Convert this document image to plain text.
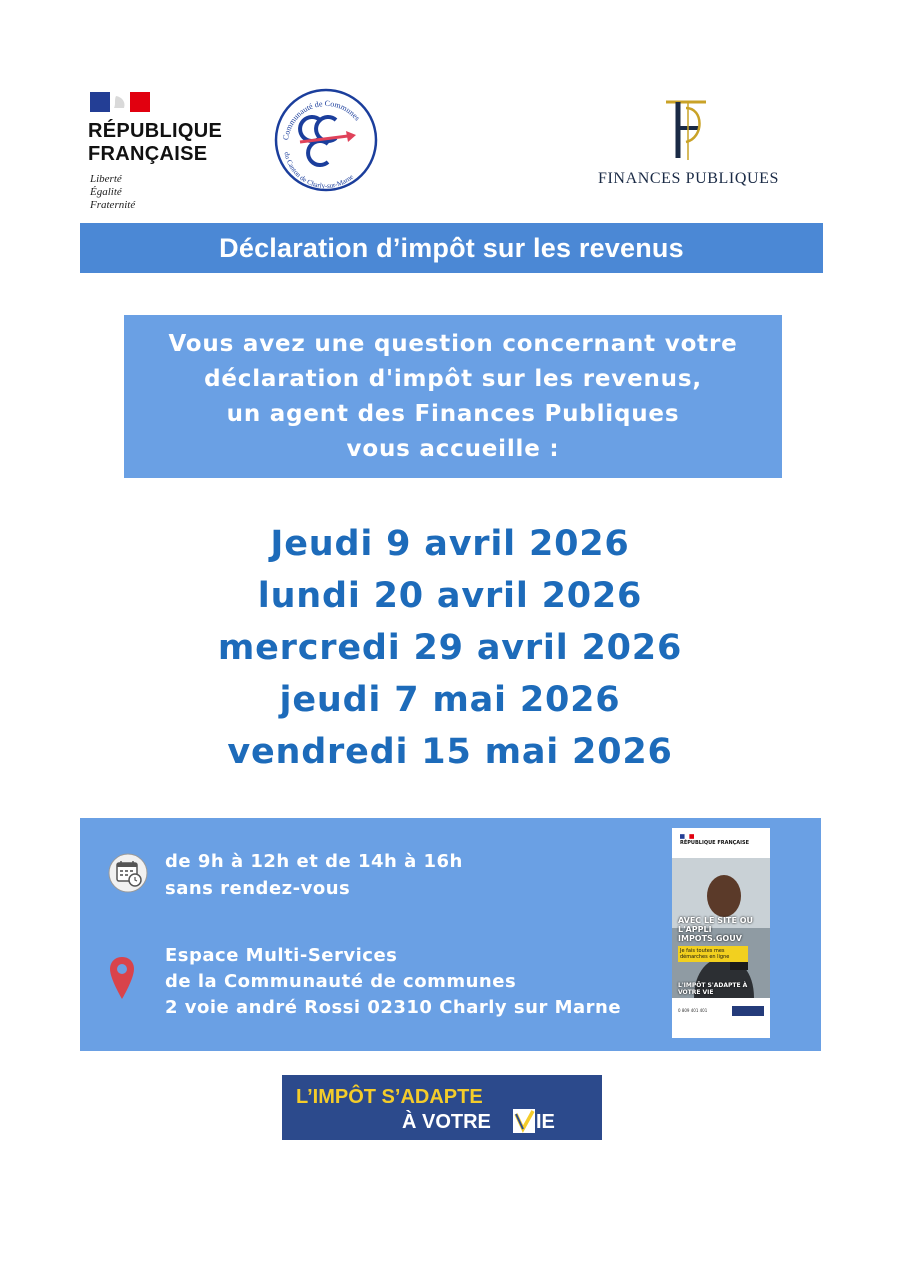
RÉPUBLIQUE
FRANÇAISE
Liberté
Égalité
Fraternité
Communauté de Communes
du Canton de Charly-sur-Marne	FINANCES PUBLIQUES
Déclaration d’impôt sur les revenus
Vous avez une question concernant votre
déclaration d'impôt sur les revenus,
un agent des Finances Publiques
vous accueille :
Jeudi 9 avril 2026
lundi 20 avril 2026
mercredi 29 avril 2026
jeudi 7 mai 2026
vendredi 15 mai 2026
de 9h à 12h et de 14h à 16h
sans rendez-vous
Espace Multi-Services
de la Communauté de communes
2 voie andré Rossi 02310 Charly sur Marne
RÉPUBLIQUE FRANÇAISE
AVEC LE SITE OU L'APPLI IMPOTS.GOUV
Je fais toutes mes démarches en ligne
L'IMPÔT S'ADAPTE À VOTRE VIE
0 809 401 401
L’IMPÔT S’ADAPTE
À VOTRE IE
